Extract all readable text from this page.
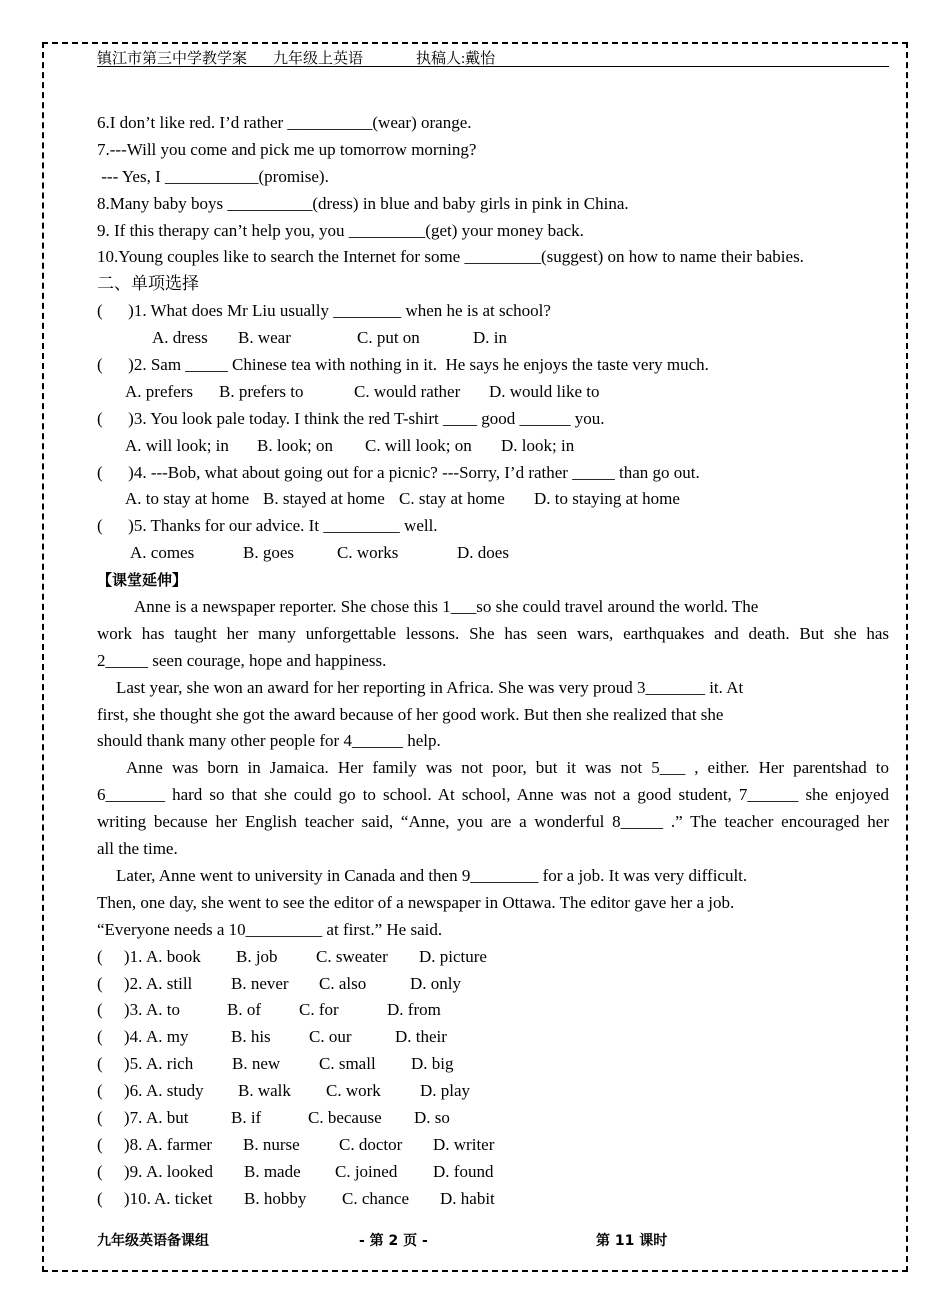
镇江市第三中学教学案 九年级上英语	执稿人:戴怡
6.I don’t like red. I’d rather __________(wear) orange.
7.---Will you come and pick me up tomorrow morning?
--- Yes, I ___________(promise).
8.Many baby boys __________(dress) in blue and baby girls in pink in China.
9. If this therapy can’t help you, you _________(get) your money back.
10.Young couples like to search the Internet for some _________(suggest) on how to name their babies.
二、单项选择
(      )1. What does Mr Liu usually ________ when he is at school?
A. dress B. wear	C. put on	D. in
(      )2. Sam _____ Chinese tea with nothing in it.  He says he enjoys the taste very much.
A. prefers B. prefers to	C. would rather D. would like to
(      )3. You look pale today. I think the red T-shirt ____ good ______ you.
A. will look; in B. look; on C. will look; on D. look; in
(      )4. ---Bob, what about going out for a picnic? ---Sorry, I’d rather _____ than go out.
A. to stay at home B. stayed at home C. stay at home D. to staying at home
(      )5. Thanks for our advice. It _________ well.
A. comes	B. goes	C. works	D. does
【课堂延伸】
Anne is a newspaper reporter. She chose this 1___so she could travel around the world. The
work has taught her many unforgettable lessons. She has seen wars, earthquakes and death. But she has
2_____ seen courage, hope and happiness.
Last year, she won an award for her reporting in Africa. She was very proud 3_______ it. At
first, she thought she got the award because of her good work. But then she realized that she
should thank many other people for 4______ help.
Anne was born in Jamaica. Her family was not poor, but it was not 5___ , either. Her parentshad to
6_______ hard so that she could go to school. At school, Anne was not a good student, 7______ she enjoyed
writing because her English teacher said, “Anne, you are a wonderful 8_____ .” The teacher encouraged her
all the time.
Later, Anne went to university in Canada and then 9________ for a job. It was very difficult.
Then, one day, she went to see the editor of a newspaper in Ottawa. The editor gave her a job.
“Everyone needs a 10_________ at first.” He said.
(     )1. A. book B. job C. sweater D. picture
(     )2. A. still B. never C. also	D. only
(     )3. A. to	B. of C. for	D. from
(     )4. A. my	B. his C. our	D. their
(     )5. A. rich B. new C. small D. big
(     )6. A. study B. walk C. work D. play
(     )7. A. but	B. if	C. because D. so
(     )8. A. farmer B. nurse C. doctor D. writer
(     )9. A. looked B. made C. joined D. found
(     )10. A. ticket B. hobby C. chance D. habit
九年级英语备课组	- 第 2 页 -	第 11 课时
